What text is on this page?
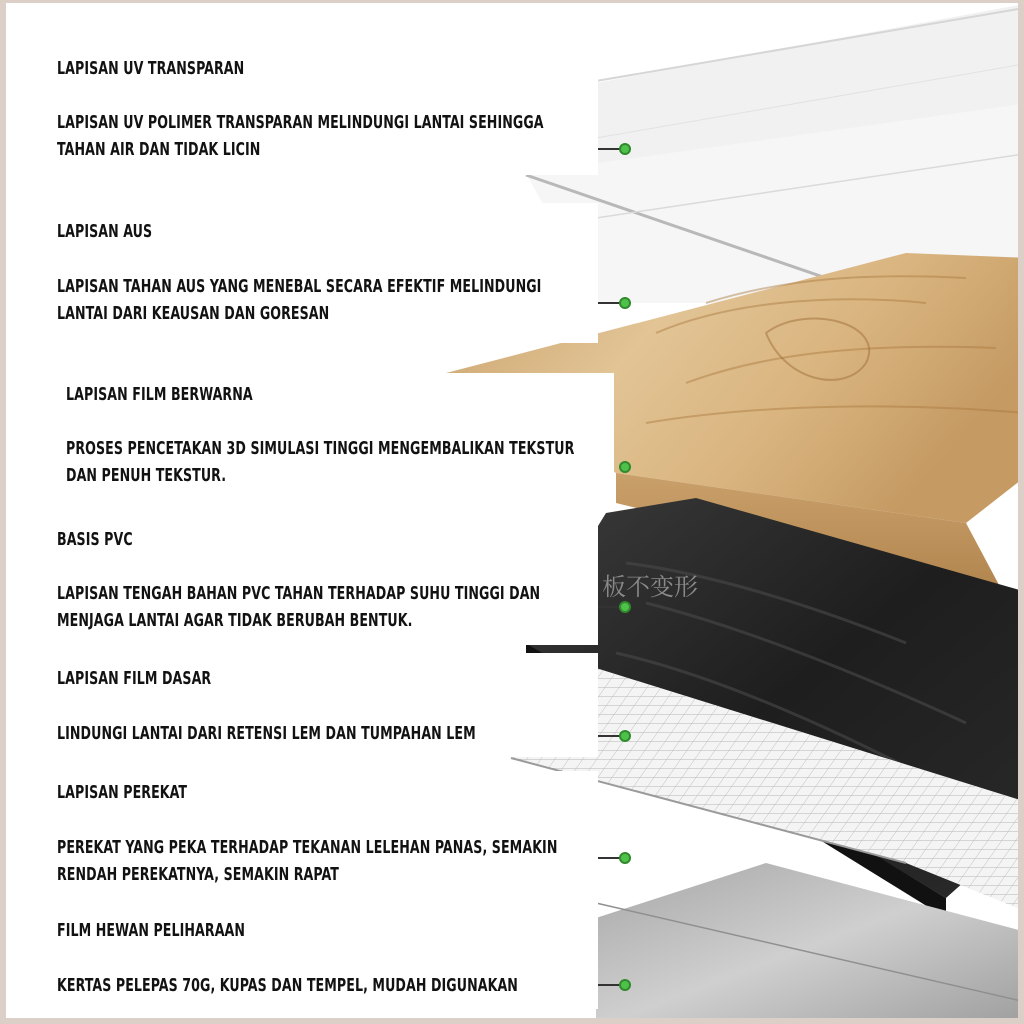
板不变形

LAPISAN UV TRANSPARAN

LAPISAN UV POLIMER TRANSPARAN MELINDUNGI LANTAI SEHINGGA TAHAN AIR DAN TIDAK LICIN

LAPISAN AUS

LAPISAN TAHAN AUS YANG MENEBAL SECARA EFEKTIF MELINDUNGI LANTAI DARI KEAUSAN DAN GORESAN

LAPISAN FILM BERWARNA

PROSES PENCETAKAN 3D SIMULASI TINGGI MENGEMBALIKAN TEKSTUR DAN PENUH TEKSTUR.

BASIS PVC

LAPISAN TENGAH BAHAN PVC TAHAN TERHADAP SUHU TINGGI DAN MENJAGA LANTAI AGAR TIDAK BERUBAH BENTUK.

LAPISAN FILM DASAR

LINDUNGI LANTAI DARI RETENSI LEM DAN TUMPAHAN LEM

LAPISAN PEREKAT

PEREKAT YANG PEKA TERHADAP TEKANAN LELEHAN PANAS, SEMAKIN RENDAH PEREKATNYA, SEMAKIN RAPAT

FILM HEWAN PELIHARAAN

KERTAS PELEPAS 70G, KUPAS DAN TEMPEL, MUDAH DIGUNAKAN
